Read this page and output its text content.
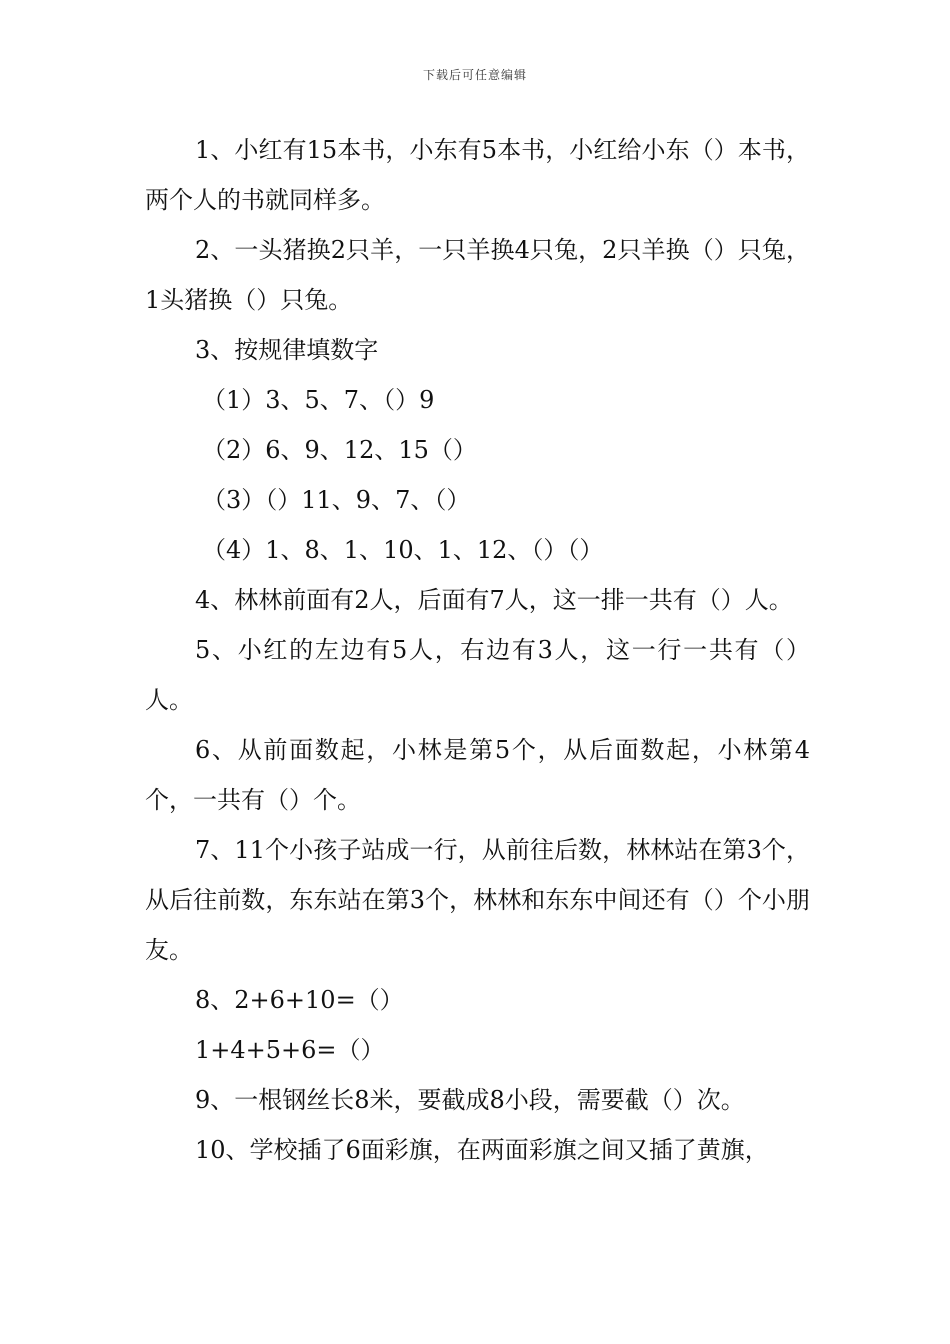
下载后可任意编辑

1、小红有15本书，小东有5本书，小红给小东（）本书，两个人的书就同样多。

2、一头猪换2只羊，一只羊换4只兔，2只羊换（）只兔，1头猪换（）只兔。

3、按规律填数字

（1）3、5、7、（）9

（2）6、9、12、15（）

（3）（）11、9、7、（）

（4）1、8、1、10、1、12、（）（）

4、林林前面有2人，后面有7人，这一排一共有（）人。

5、小红的左边有5人，右边有3人，这一行一共有（）人。

6、从前面数起，小林是第5个，从后面数起，小林第4个，一共有（）个。

7、11个小孩子站成一行，从前往后数，林林站在第3个，从后往前数，东东站在第3个，林林和东东中间还有（）个小朋友。

8、2+6+10=（）

1+4+5+6=（）

9、一根钢丝长8米，要截成8小段，需要截（）次。

10、学校插了6面彩旗，在两面彩旗之间又插了黄旗，
